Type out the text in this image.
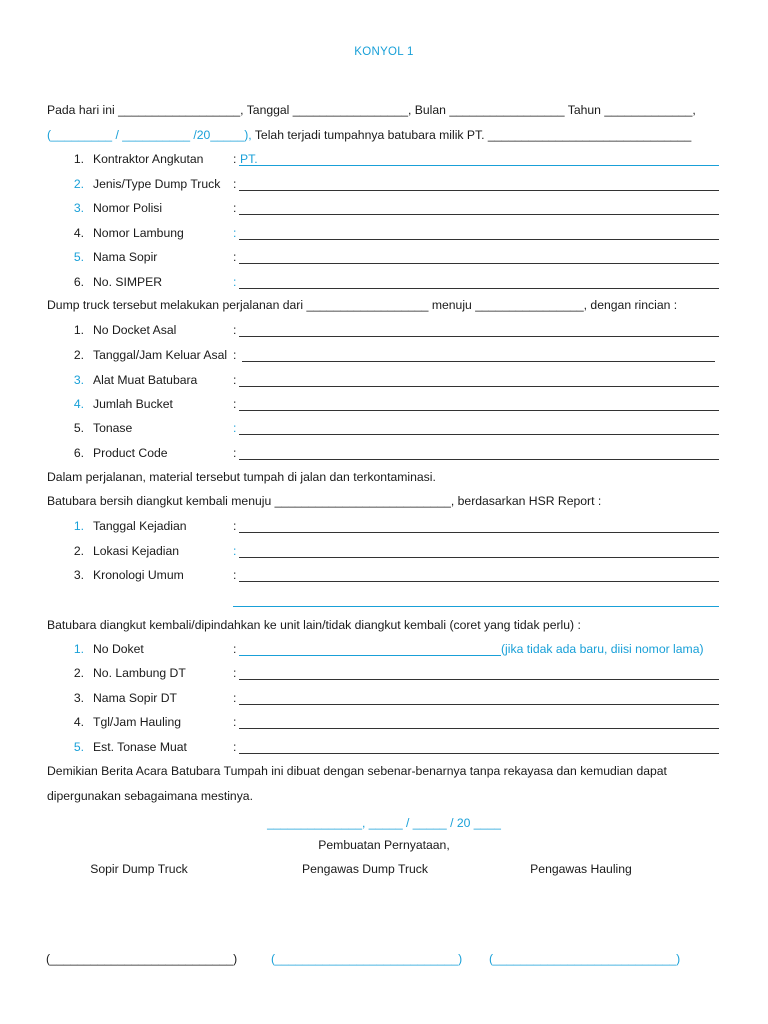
KONYOL 1
Pada hari ini __________________, Tanggal _________________, Bulan _________________ Tahun _____________,
(_________ / __________ /20_____), Telah terjadi tumpahnya batubara milik PT. ______________________________
1. Kontraktor Angkutan : PT.
2. Jenis/Type Dump Truck :
3. Nomor Polisi	:
4. Nomor Lambung	:
5. Nama Sopir	:
6. No. SIMPER	:
Dump truck tersebut melakukan perjalanan dari __________________ menuju ________________, dengan rincian :
1. No Docket Asal	:
2. Tanggal/Jam Keluar Asal :
3. Alat Muat Batubara	:
4. Jumlah Bucket	:
5. Tonase	:
6. Product Code	:
Dalam perjalanan, material tersebut tumpah di jalan dan terkontaminasi.
Batubara bersih diangkut kembali menuju __________________________, berdasarkan HSR Report :
1. Tanggal Kejadian	:
2. Lokasi Kejadian	:
3. Kronologi Umum	:
Batubara diangkut kembali/dipindahkan ke unit lain/tidak diangkut kembali (coret yang tidak perlu) :
1. No Doket	:	(jika tidak ada baru, diisi nomor lama)
2. No. Lambung DT	:
3. Nama Sopir DT	:
4. Tgl/Jam Hauling	:
5. Est. Tonase Muat	:
Demikian Berita Acara Batubara Tumpah ini dibuat dengan sebenar-benarnya tanpa rekayasa dan kemudian dapat
dipergunakan sebagaimana mestinya.
______________, _____ / _____ / 20 ____
Pembuatan Pernyataan,
Sopir Dump Truck	Pengawas Dump Truck	Pengawas Hauling
(___________________________)	(___________________________) (___________________________)
